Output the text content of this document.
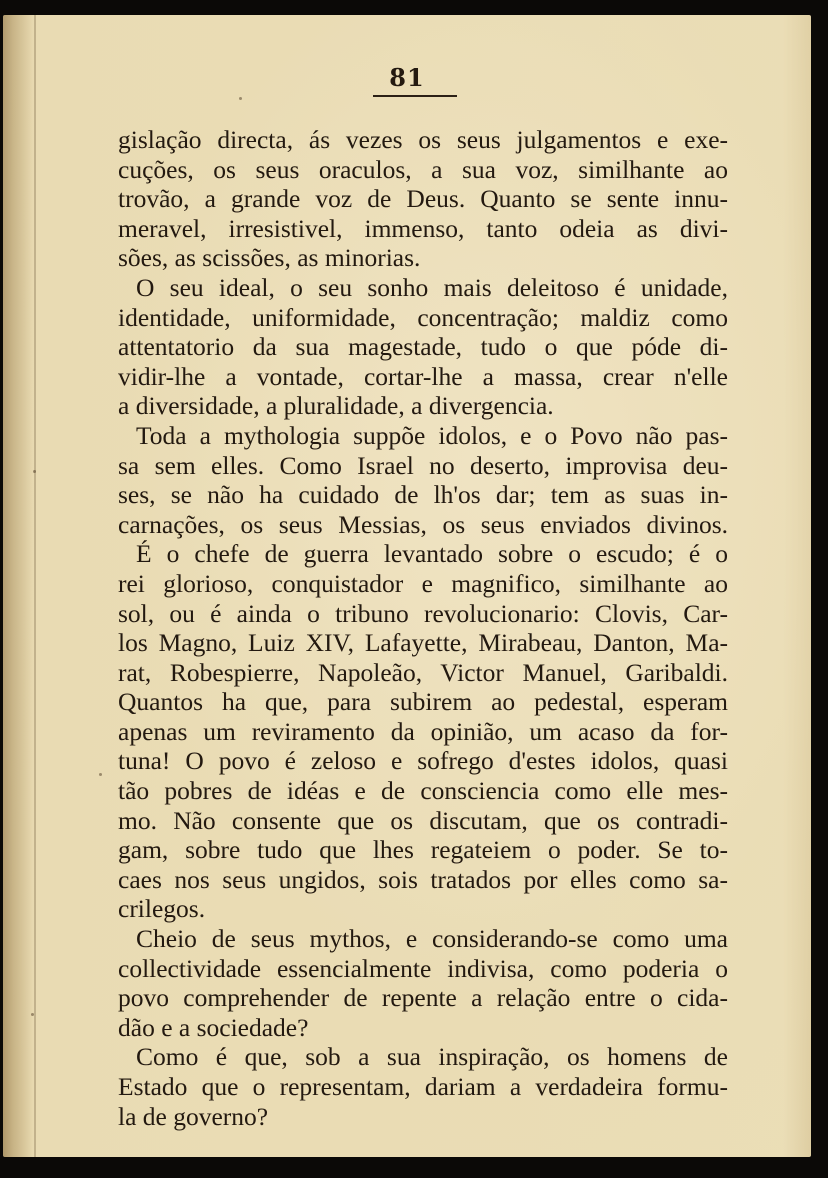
81
gislação directa, ás vezes os seus julgamentos e exe-
cuções, os seus oraculos, a sua voz, similhante ao
trovão, a grande voz de Deus. Quanto se sente innu-
meravel, irresistivel, immenso, tanto odeia as divi-
sões, as scissões, as minorias.
O seu ideal, o seu sonho mais deleitoso é unidade,
identidade, uniformidade, concentração; maldiz como
attentatorio da sua magestade, tudo o que póde di-
vidir-lhe a vontade, cortar-lhe a massa, crear n'elle
a diversidade, a pluralidade, a divergencia.
Toda a mythologia suppõe idolos, e o Povo não pas-
sa sem elles. Como Israel no deserto, improvisa deu-
ses, se não ha cuidado de lh'os dar; tem as suas in-
carnações, os seus Messias, os seus enviados divinos.
É o chefe de guerra levantado sobre o escudo; é o
rei glorioso, conquistador e magnifico, similhante ao
sol, ou é ainda o tribuno revolucionario: Clovis, Car-
los Magno, Luiz XIV, Lafayette, Mirabeau, Danton, Ma-
rat, Robespierre, Napoleão, Victor Manuel, Garibaldi.
Quantos ha que, para subirem ao pedestal, esperam
apenas um reviramento da opinião, um acaso da for-
tuna! O povo é zeloso e sofrego d'estes idolos, quasi
tão pobres de idéas e de consciencia como elle mes-
mo. Não consente que os discutam, que os contradi-
gam, sobre tudo que lhes regateiem o poder. Se to-
caes nos seus ungidos, sois tratados por elles como sa-
crilegos.
Cheio de seus mythos, e considerando-se como uma
collectividade essencialmente indivisa, como poderia o
povo comprehender de repente a relação entre o cida-
dão e a sociedade?
Como é que, sob a sua inspiração, os homens de
Estado que o representam, dariam a verdadeira formu-
la de governo?
